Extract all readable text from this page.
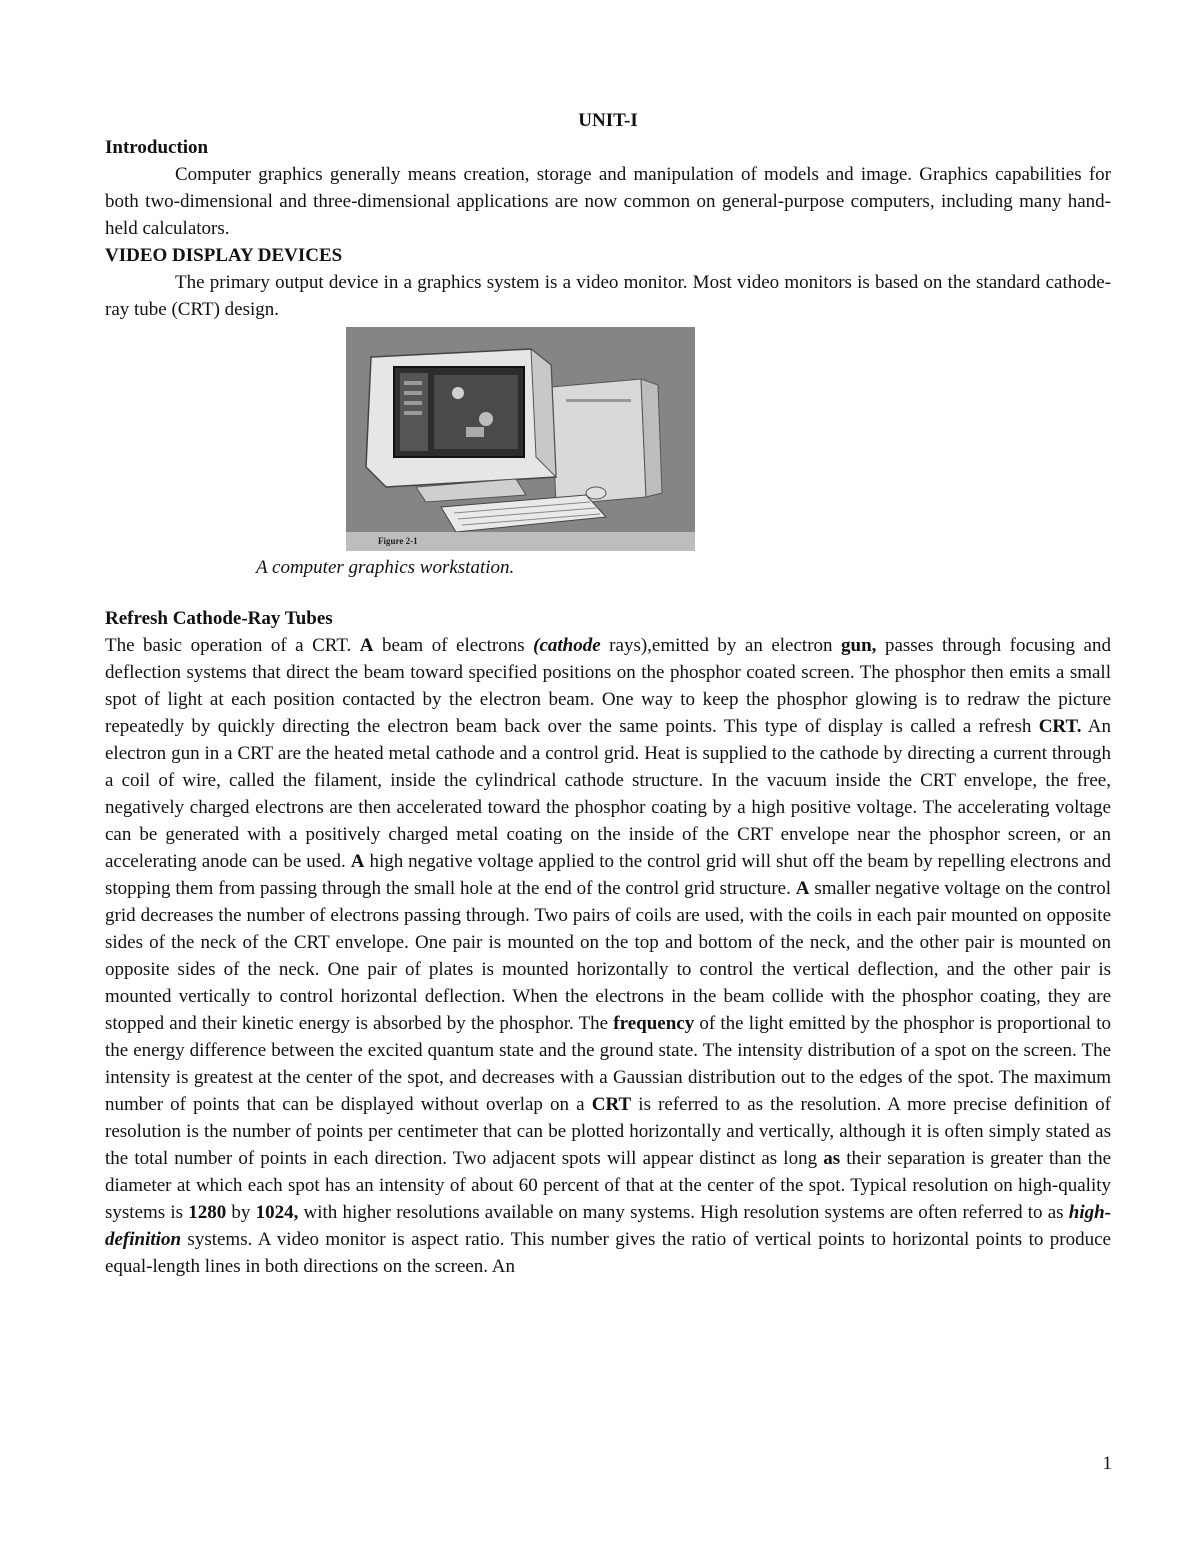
UNIT-I
Introduction

Computer graphics generally means creation, storage and manipulation of models and image. Graphics capabilities for both two-dimensional and three-dimensional applications are now common on general-purpose computers, including many hand-held calculators.

VIDEO DISPLAY DEVICES

The primary output device in a graphics system is a video monitor. Most video monitors is based on the standard cathode-ray tube (CRT) design.

Figure 2-1
A computer graphics workstation.
Refresh Cathode-Ray Tubes

The basic operation of a CRT. A beam of electrons (cathode rays),emitted by an electron gun, passes through focusing and deflection systems that direct the beam toward specified positions on the phosphor coated screen. The phosphor then emits a small spot of light at each position contacted by the electron beam. One way to keep the phosphor glowing is to redraw the picture repeatedly by quickly directing the electron beam back over the same points. This type of display is called a refresh CRT. An electron gun in a CRT are the heated metal cathode and a control grid. Heat is supplied to the cathode by directing a current through a coil of wire, called the filament, inside the cylindrical cathode structure. In the vacuum inside the CRT envelope, the free, negatively charged electrons are then accelerated toward the phosphor coating by a high positive voltage. The accelerating voltage can be generated with a positively charged metal coating on the inside of the CRT envelope near the phosphor screen, or an accelerating anode can be used. A high negative voltage applied to the control grid will shut off the beam by repelling electrons and stopping them from passing through the small hole at the end of the control grid structure. A smaller negative voltage on the control grid decreases the number of electrons passing through. Two pairs of coils are used, with the coils in each pair mounted on opposite sides of the neck of the CRT envelope. One pair is mounted on the top and bottom of the neck, and the other pair is mounted on opposite sides of the neck. One pair of plates is mounted horizontally to control the vertical deflection, and the other pair is mounted vertically to control horizontal deflection. When the electrons in the beam collide with the phosphor coating, they are stopped and their kinetic energy is absorbed by the phosphor. The frequency of the light emitted by the phosphor is proportional to the energy difference between the excited quantum state and the ground state. The intensity distribution of a spot on the screen. The intensity is greatest at the center of the spot, and decreases with a Gaussian distribution out to the edges of the spot. The maximum number of points that can be displayed without overlap on a CRT is referred to as the resolution. A more precise definition of resolution is the number of points per centimeter that can be plotted horizontally and vertically, although it is often simply stated as the total number of points in each direction. Two adjacent spots will appear distinct as long as their separation is greater than the diameter at which each spot has an intensity of about 60 percent of that at the center of the spot. Typical resolution on high-quality systems is 1280 by 1024, with higher resolutions available on many systems. High resolution systems are often referred to as high-definition systems. A video monitor is aspect ratio. This number gives the ratio of vertical points to horizontal points to produce equal-length lines in both directions on the screen. An

1
